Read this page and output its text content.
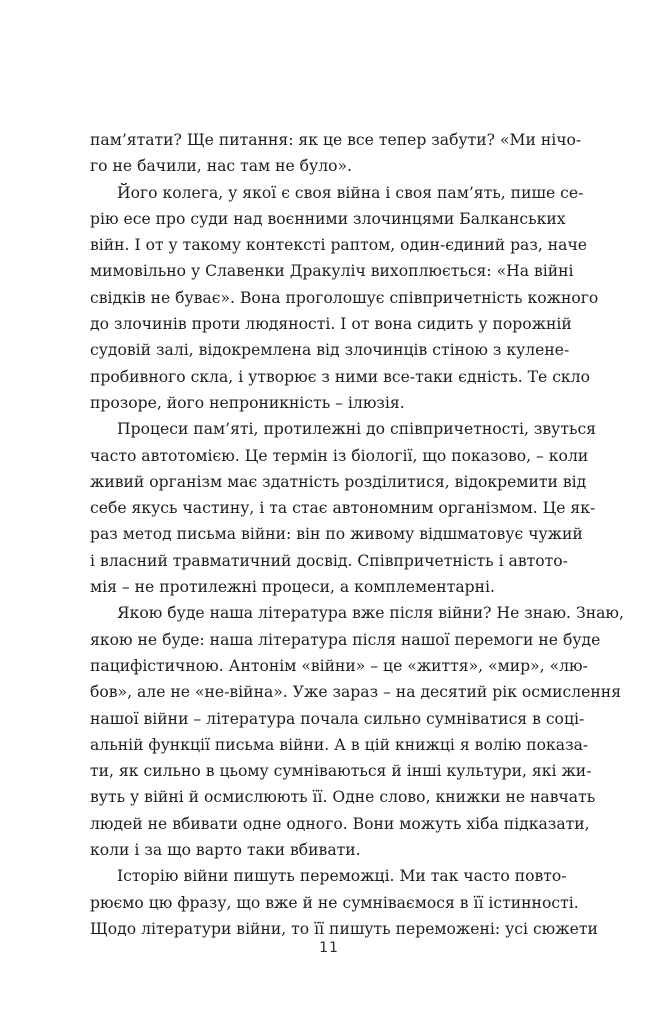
пам’ятати? Ще питання: як це все тепер забути? «Ми нічо-
го не бачили, нас там не було».
Його колега, у якої є своя війна і своя пам’ять, пише се-
рію есе про суди над воєнними злочинцями Балканських
війн. І от у такому контексті раптом, один-єдиний раз, наче
мимовільно у Славенки Дракуліч вихоплюється: «На війні
свідків не буває». Вона проголошує співпричетність кожного
до злочинів проти людяності. І от вона сидить у порожній
судовій залі, відокремлена від злочинців стіною з кулене-
пробивного скла, і утворює з ними все-таки єдність. Те скло
прозоре, його непроникність – ілюзія.
Процеси пам’яті, протилежні до співпричетності, звуться
часто автотомією. Це термін із біології, що показово, – коли
живий організм має здатність розділитися, відокремити від
себе якусь частину, і та стає автономним організмом. Це як-
раз метод письма війни: він по живому відшматовує чужий
і власний травматичний досвід. Співпричетність і автото-
мія – не протилежні процеси, а комплементарні.
Якою буде наша література вже після війни? Не знаю. Знаю,
якою не буде: наша література після нашої перемоги не буде
пацифістичною. Антонім «війни» – це «життя», «мир», «лю-
бов», але не «не-війна». Уже зараз – на десятий рік осмислення
нашої війни – література почала сильно сумніватися в соці-
альній функції письма війни. А в цій книжці я волію показа-
ти, як сильно в цьому сумніваються й інші культури, які жи-
вуть у війні й осмислюють її. Одне слово, книжки не навчать
людей не вбивати одне одного. Вони можуть хіба підказати,
коли і за що варто таки вбивати.
Історію війни пишуть переможці. Ми так часто повто-
рюємо цю фразу, що вже й не сумніваємося в її істинності.
Щодо літератури війни, то її пишуть переможені: усі сюжети
11
